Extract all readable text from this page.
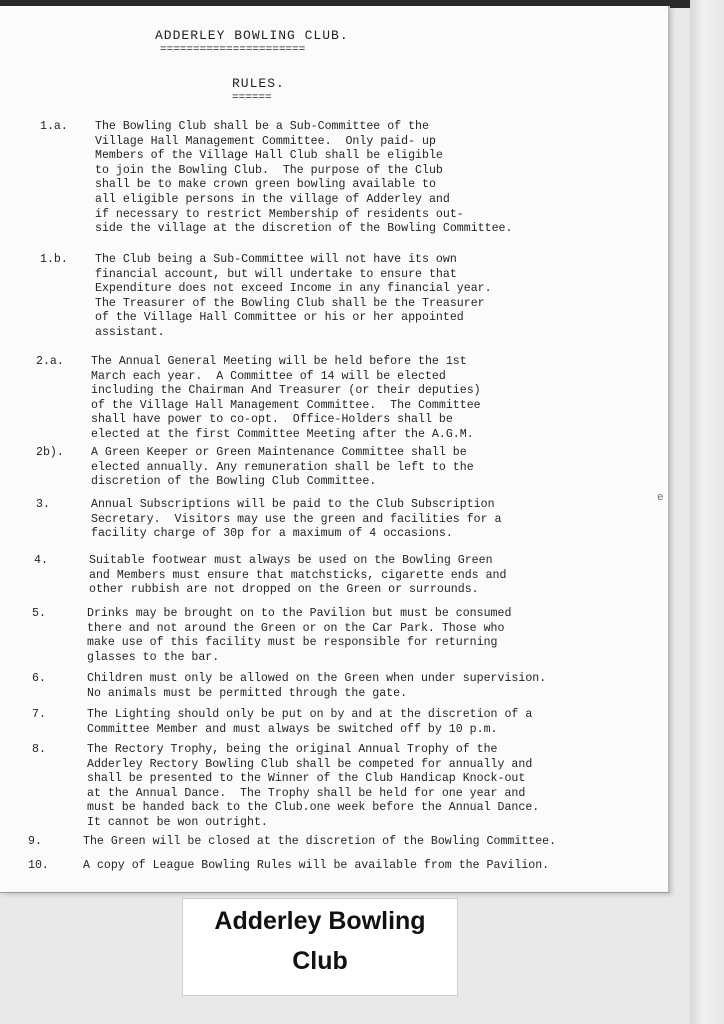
ADDERLEY BOWLING CLUB.
======================
RULES.
======
1.a.	The Bowling Club shall be a Sub-Committee of the
Village Hall Management Committee.  Only paid- up
Members of the Village Hall Club shall be eligible
to join the Bowling Club.  The purpose of the Club
shall be to make crown green bowling available to
all eligible persons in the village of Adderley and
if necessary to restrict Membership of residents out-
side the village at the discretion of the Bowling Committee.
1.b.	The Club being a Sub-Committee will not have its own
financial account, but will undertake to ensure that
Expenditure does not exceed Income in any financial year.
The Treasurer of the Bowling Club shall be the Treasurer
of the Village Hall Committee or his or her appointed
assistant.
2.a.	The Annual General Meeting will be held before the 1st
March each year.  A Committee of 14 will be elected
including the Chairman And Treasurer (or their deputies)
of the Village Hall Management Committee.  The Committee
shall have power to co-opt.  Office-Holders shall be
elected at the first Committee Meeting after the A.G.M.
2b).	A Green Keeper or Green Maintenance Committee shall be
elected annually. Any remuneration shall be left to the
discretion of the Bowling Club Committee.
3.	Annual Subscriptions will be paid to the Club Subscription
Secretary.  Visitors may use the green and facilities for a
facility charge of 30p for a maximum of 4 occasions.
4.	Suitable footwear must always be used on the Bowling Green
and Members must ensure that matchsticks, cigarette ends and
other rubbish are not dropped on the Green or surrounds.
5.	Drinks may be brought on to the Pavilion but must be consumed
there and not around the Green or on the Car Park. Those who
make use of this facility must be responsible for returning
glasses to the bar.
6.	Children must only be allowed on the Green when under supervision.
No animals must be permitted through the gate.
7.	The Lighting should only be put on by and at the discretion of a
Committee Member and must always be switched off by 10 p.m.
8.	The Rectory Trophy, being the original Annual Trophy of the
Adderley Rectory Bowling Club shall be competed for annually and
shall be presented to the Winner of the Club Handicap Knock-out
at the Annual Dance.  The Trophy shall be held for one year and
must be handed back to the Club.one week before the Annual Dance.
It cannot be won outright.
9.	The Green will be closed at the discretion of the Bowling Committee.
10.	A copy of League Bowling Rules will be available from the Pavilion.
e
Adderley Bowling
Club
